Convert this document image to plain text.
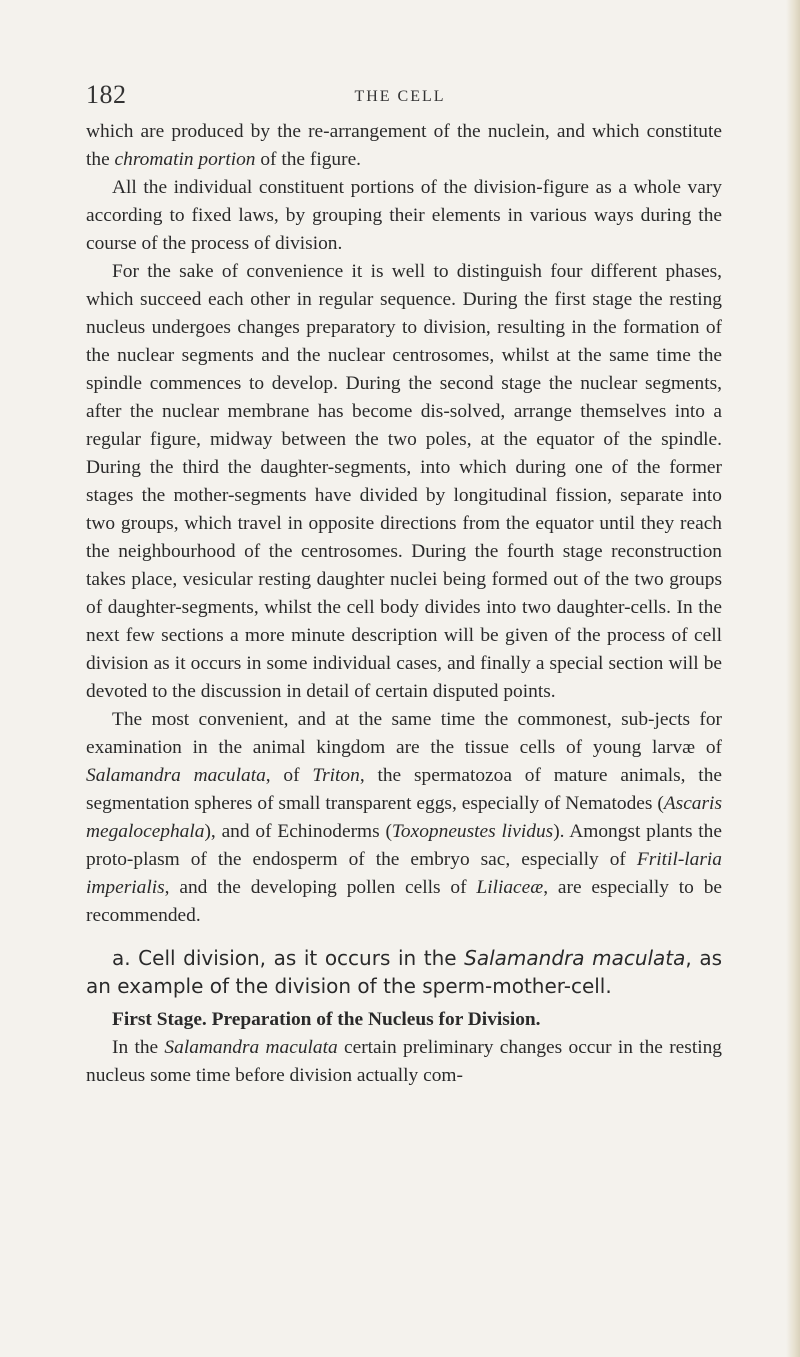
182	THE CELL

which are produced by the re-arrangement of the nuclein, and which constitute the chromatin portion of the figure.

All the individual constituent portions of the division-figure as a whole vary according to fixed laws, by grouping their elements in various ways during the course of the process of division.

For the sake of convenience it is well to distinguish four different phases, which succeed each other in regular sequence. During the first stage the resting nucleus undergoes changes preparatory to division, resulting in the formation of the nuclear segments and the nuclear centrosomes, whilst at the same time the spindle commences to develop. During the second stage the nuclear segments, after the nuclear membrane has become dis-solved, arrange themselves into a regular figure, midway between the two poles, at the equator of the spindle. During the third the daughter-segments, into which during one of the former stages the mother-segments have divided by longitudinal fission, separate into two groups, which travel in opposite directions from the equator until they reach the neighbourhood of the centrosomes. During the fourth stage reconstruction takes place, vesicular resting daughter nuclei being formed out of the two groups of daughter-segments, whilst the cell body divides into two daughter-cells. In the next few sections a more minute description will be given of the process of cell division as it occurs in some individual cases, and finally a special section will be devoted to the discussion in detail of certain disputed points.

The most convenient, and at the same time the commonest, sub-jects for examination in the animal kingdom are the tissue cells of young larvæ of Salamandra maculata, of Triton, the spermatozoa of mature animals, the segmentation spheres of small transparent eggs, especially of Nematodes (Ascaris megalocephala), and of Echinoderms (Toxopneustes lividus). Amongst plants the proto-plasm of the endosperm of the embryo sac, especially of Fritil-laria imperialis, and the developing pollen cells of Liliaceæ, are especially to be recommended.

a. Cell division, as it occurs in the Salamandra maculata, as an example of the division of the sperm-mother-cell.

First Stage. Preparation of the Nucleus for Division.

In the Salamandra maculata certain preliminary changes occur in the resting nucleus some time before division actually com-
